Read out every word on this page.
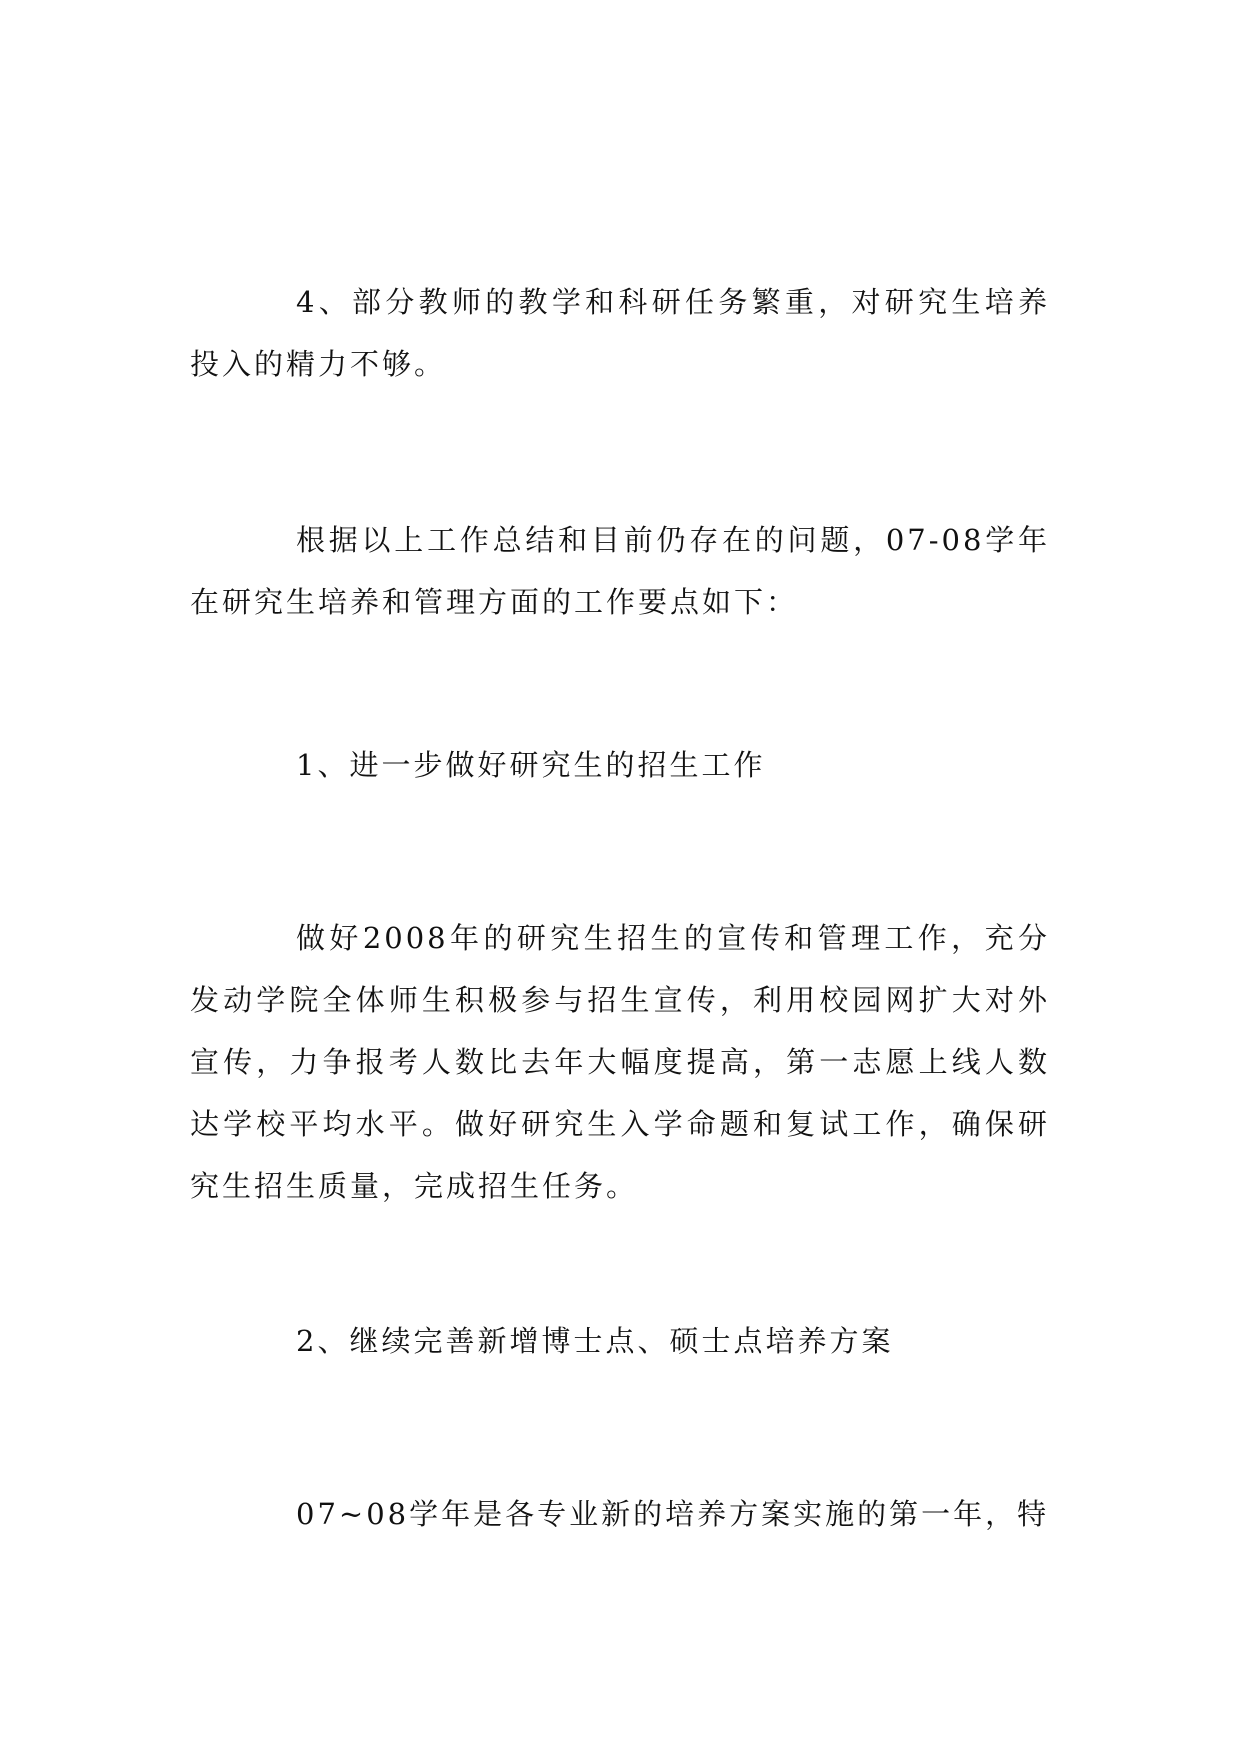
4、部分教师的教学和科研任务繁重，对研究生培养投入的精力不够。

根据以上工作总结和目前仍存在的问题，07-08学年在研究生培养和管理方面的工作要点如下：

1、进一步做好研究生的招生工作

做好2008年的研究生招生的宣传和管理工作，充分发动学院全体师生积极参与招生宣传，利用校园网扩大对外宣传，力争报考人数比去年大幅度提高，第一志愿上线人数达学校平均水平。做好研究生入学命题和复试工作，确保研究生招生质量，完成招生任务。

2、继续完善新增博士点、硕士点培养方案

07~08学年是各专业新的培养方案实施的第一年，特
